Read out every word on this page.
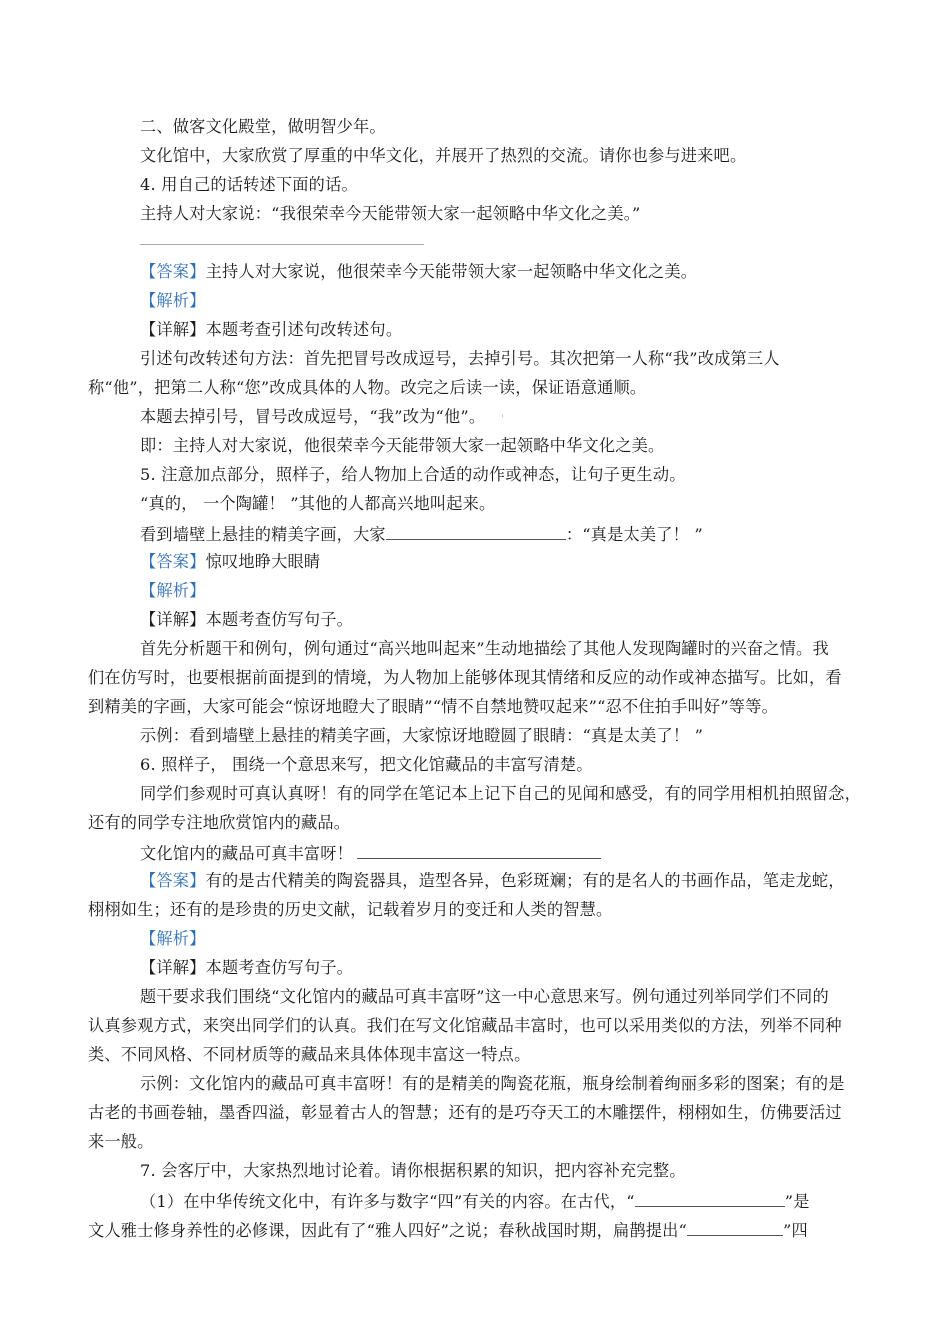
二、做客文化殿堂，做明智少年。
文化馆中，大家欣赏了厚重的中华文化，并展开了热烈的交流。请你也参与进来吧。
4. 用自己的话转述下面的话。
主持人对大家说：“我很荣幸今天能带领大家一起领略中华文化之美。”
【答案】主持人对大家说，他很荣幸今天能带领大家一起领略中华文化之美。
【解析】
【详解】本题考查引述句改转述句。
引述句改转述句方法：首先把冒号改成逗号，去掉引号。其次把第一人称“我”改成第三人
称“他”，把第二人称“您”改成具体的人物。改完之后读一读，保证语意通顺。
本题去掉引号，冒号改成逗号，“我”改为“他”。 '
即：主持人对大家说，他很荣幸今天能带领大家一起领略中华文化之美。
5. 注意加点部分，照样子，给人物加上合适的动作或神态，让句子更生动。
“真的， 一个陶罐！ ”其他的人都高兴地叫起来。
看到墙壁上悬挂的精美字画，大家	：“真是太美了！ ”
【答案】惊叹地睁大眼睛
【解析】
【详解】本题考查仿写句子。
首先分析题干和例句，例句通过“高兴地叫起来”生动地描绘了其他人发现陶罐时的兴奋之情。我
们在仿写时，也要根据前面提到的情境，为人物加上能够体现其情绪和反应的动作或神态描写。比如，看
到精美的字画，大家可能会“惊讶地瞪大了眼睛”“情不自禁地赞叹起来”“忍不住拍手叫好”等等。
示例：看到墙壁上悬挂的精美字画，大家惊讶地瞪圆了眼睛：“真是太美了！ ”
6. 照样子， 围绕一个意思来写，把文化馆藏品的丰富写清楚。
同学们参观时可真认真呀！有的同学在笔记本上记下自己的见闻和感受，有的同学用相机拍照留念，
还有的同学专注地欣赏馆内的藏品。
文化馆内的藏品可真丰富呀！
【答案】有的是古代精美的陶瓷器具，造型各异，色彩斑斓；有的是名人的书画作品，笔走龙蛇，
栩栩如生；还有的是珍贵的历史文献，记载着岁月的变迁和人类的智慧。
【解析】
【详解】本题考查仿写句子。
题干要求我们围绕“文化馆内的藏品可真丰富呀”这一中心意思来写。例句通过列举同学们不同的
认真参观方式，来突出同学们的认真。我们在写文化馆藏品丰富时，也可以采用类似的方法，列举不同种
类、不同风格、不同材质等的藏品来具体体现丰富这一特点。
示例：文化馆内的藏品可真丰富呀！有的是精美的陶瓷花瓶，瓶身绘制着绚丽多彩的图案；有的是
古老的书画卷轴，墨香四溢，彰显着古人的智慧；还有的是巧夺天工的木雕摆件，栩栩如生，仿佛要活过
来一般。
7. 会客厅中，大家热烈地讨论着。请你根据积累的知识，把内容补充完整。
（1）在中华传统文化中，有许多与数字“四”有关的内容。在古代，“	”是
文人雅士修身养性的必修课，因此有了“雅人四好”之说；春秋战国时期，扁鹊提出“	”四
